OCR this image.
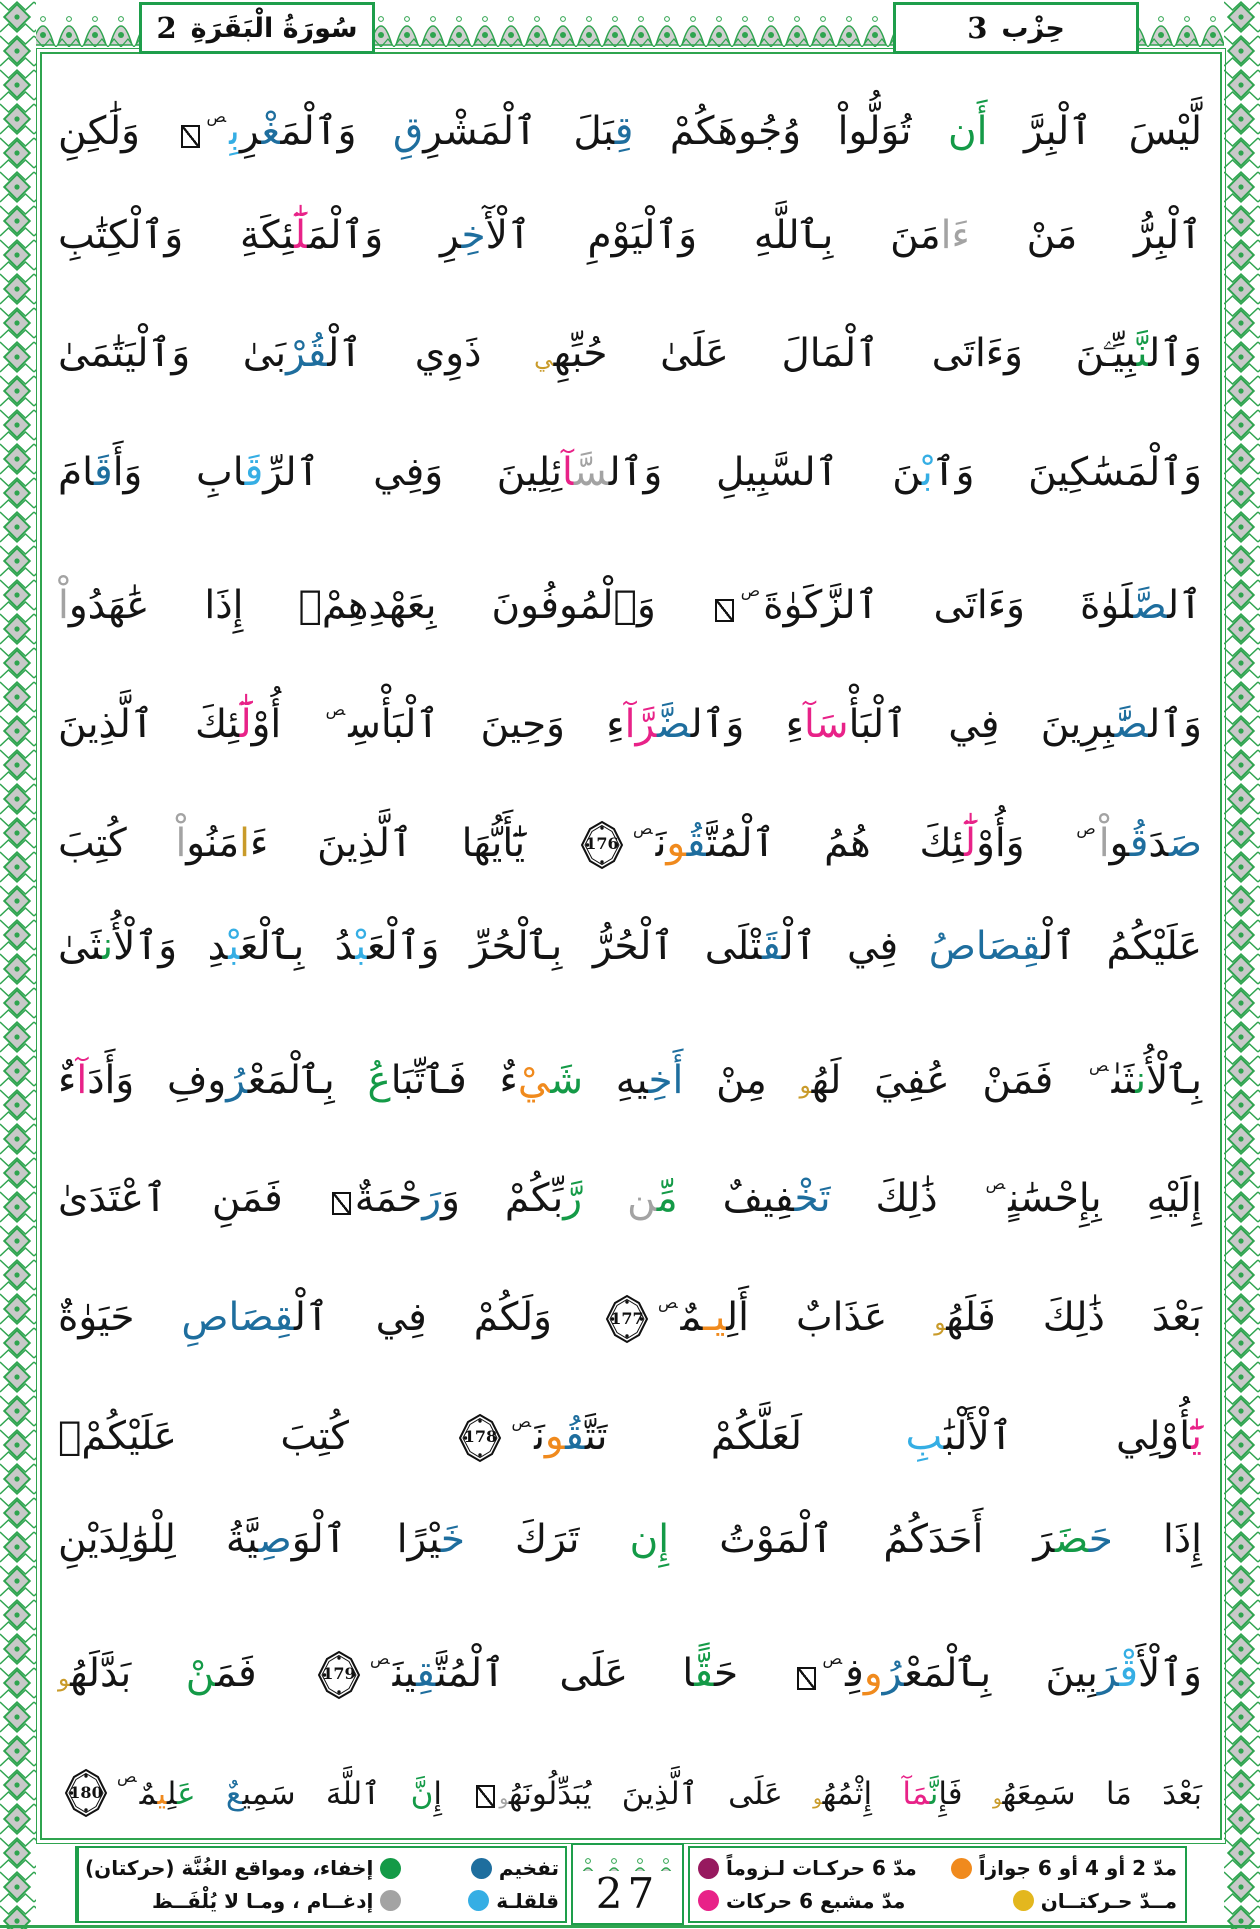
سُورَةُ الْبَقَرَةِ
2	حِزْب
3
لَّيْسَ ٱلْبِرَّ أَن تُوَلُّواْ وُجُوهَكُمْ قِبَلَ ٱلْمَشْرِقِ وَٱلْمَغْرِبِ$^ص$ وَلَٰكِنِ
ٱلْبِرُّ مَنْ ءَامَنَ بِٱللَّهِ وَٱلْيَوْمِ ٱلْخِرِ وَٱلْمَلَٰٓئِكَةِ وَٱلْكِتَٰبِ
وَٱلنَّبِيِّـۧنَ وَءَاتَى ٱلْمَالَ عَلَىٰ حُبِّهِي ذَوِي ٱلْقُرْبَىٰ وَٱلْيَتَٰمَىٰ
وَٱلْمَسَٰكِينَ وَٱبْنَ ٱلسَّبِيلِ وَٱلسَّآئِلِينَ وَفِي ٱلرِّقَابِ وَأَقَامَ
ٱلصَّلَوٰةَ وَءَاتَى ٱلزَّكَوٰةَ$^ص$ وَٱلْمُوفُونَ بِعَهْدِهِمْ إِذَا عَٰهَدُواْ
وَٱلصَّٰبِرِينَ فِي ٱلْبَأْسَآءِ وَٱلضَّرَّآءِ وَحِينَ ٱلْبَأْسِ$^ص$ أُوْلَٰٓئِكَ ٱلَّذِينَ
صَدَقُواْ$^ص$ وَأُوْلَٰٓئِكَ هُمُ ٱلْمُتَّقُونَ$^ص$
176
يَٰٓأَيُّهَا ٱلَّذِينَ ءَامَنُواْ كُتِبَ
عَلَيْكُمُ ٱلْقِصَاصُ فِي ٱلْقَتْلَى ٱلْحُرُّ بِٱلْحُرِّ وَٱلْعَبْدُ بِٱلْعَبْدِ وَٱلْأُنثَىٰ
بِٱلْأُنثَىٰ$^ص$ فَمَنْ عُفِيَ لَهُو مِنْ أَخِيهِ شَيْءٌ فَٱتِّبَاعُ بِٱلْمَعْرُوفِ وَأَدَآءٌ
إِلَيْهِ بِإِحْسَٰنٍ$^ص$ ذَٰلِكَ تَخْفِيفٌ مِّن رَّبِّكُمْ وَرَحْمَةٌ فَمَنِ ٱعْتَدَىٰ
بَعْدَ ذَٰلِكَ فَلَهُو عَذَابٌ أَلِيـمٌ$^ص$
177
وَلَكُمْ فِي ٱلْقِصَاصِ حَيَوٰةٌ
يَٰٓأُوْلِي ٱلْأَلْبَٰبِ لَعَلَّكُمْ تَتَّقُونَ$^ص$
178
كُتِبَ عَلَيْكُمْ
إِذَا حَضَرَ أَحَدَكُمُ ٱلْمَوْتُ إِن تَرَكَ خَيْرًا ٱلْوَصِيَّةُ لِلْوَٰلِدَيْنِ
وَٱلْأَقْرَبِينَ بِٱلْمَعْرُوفِ$^ص$ حَقًّا عَلَى ٱلْمُتَّقِينَ$^ص$
179
فَمَنْ بَدَّلَهُو
بَعْدَ مَا سَمِعَهُو فَإِنَّمَآ إِثْمُهُو عَلَى ٱلَّذِينَ يُبَدِّلُونَهُو إِنَّ ٱللَّهَ سَمِيعٌ عَلِيمٌ$^ص$
180
إخفاء، ومواقع الغُنَّة (حركتان)
إدغــام ، ومـا لا يُلْفَــظ
تفخيم
قلقلـة 27
مدّ 2 أو 4 أو 6 جوازاً
مدّ 6 حركـات لـزوماً
مــدّ حـركتــان
مدّ مشبع 6 حركات
